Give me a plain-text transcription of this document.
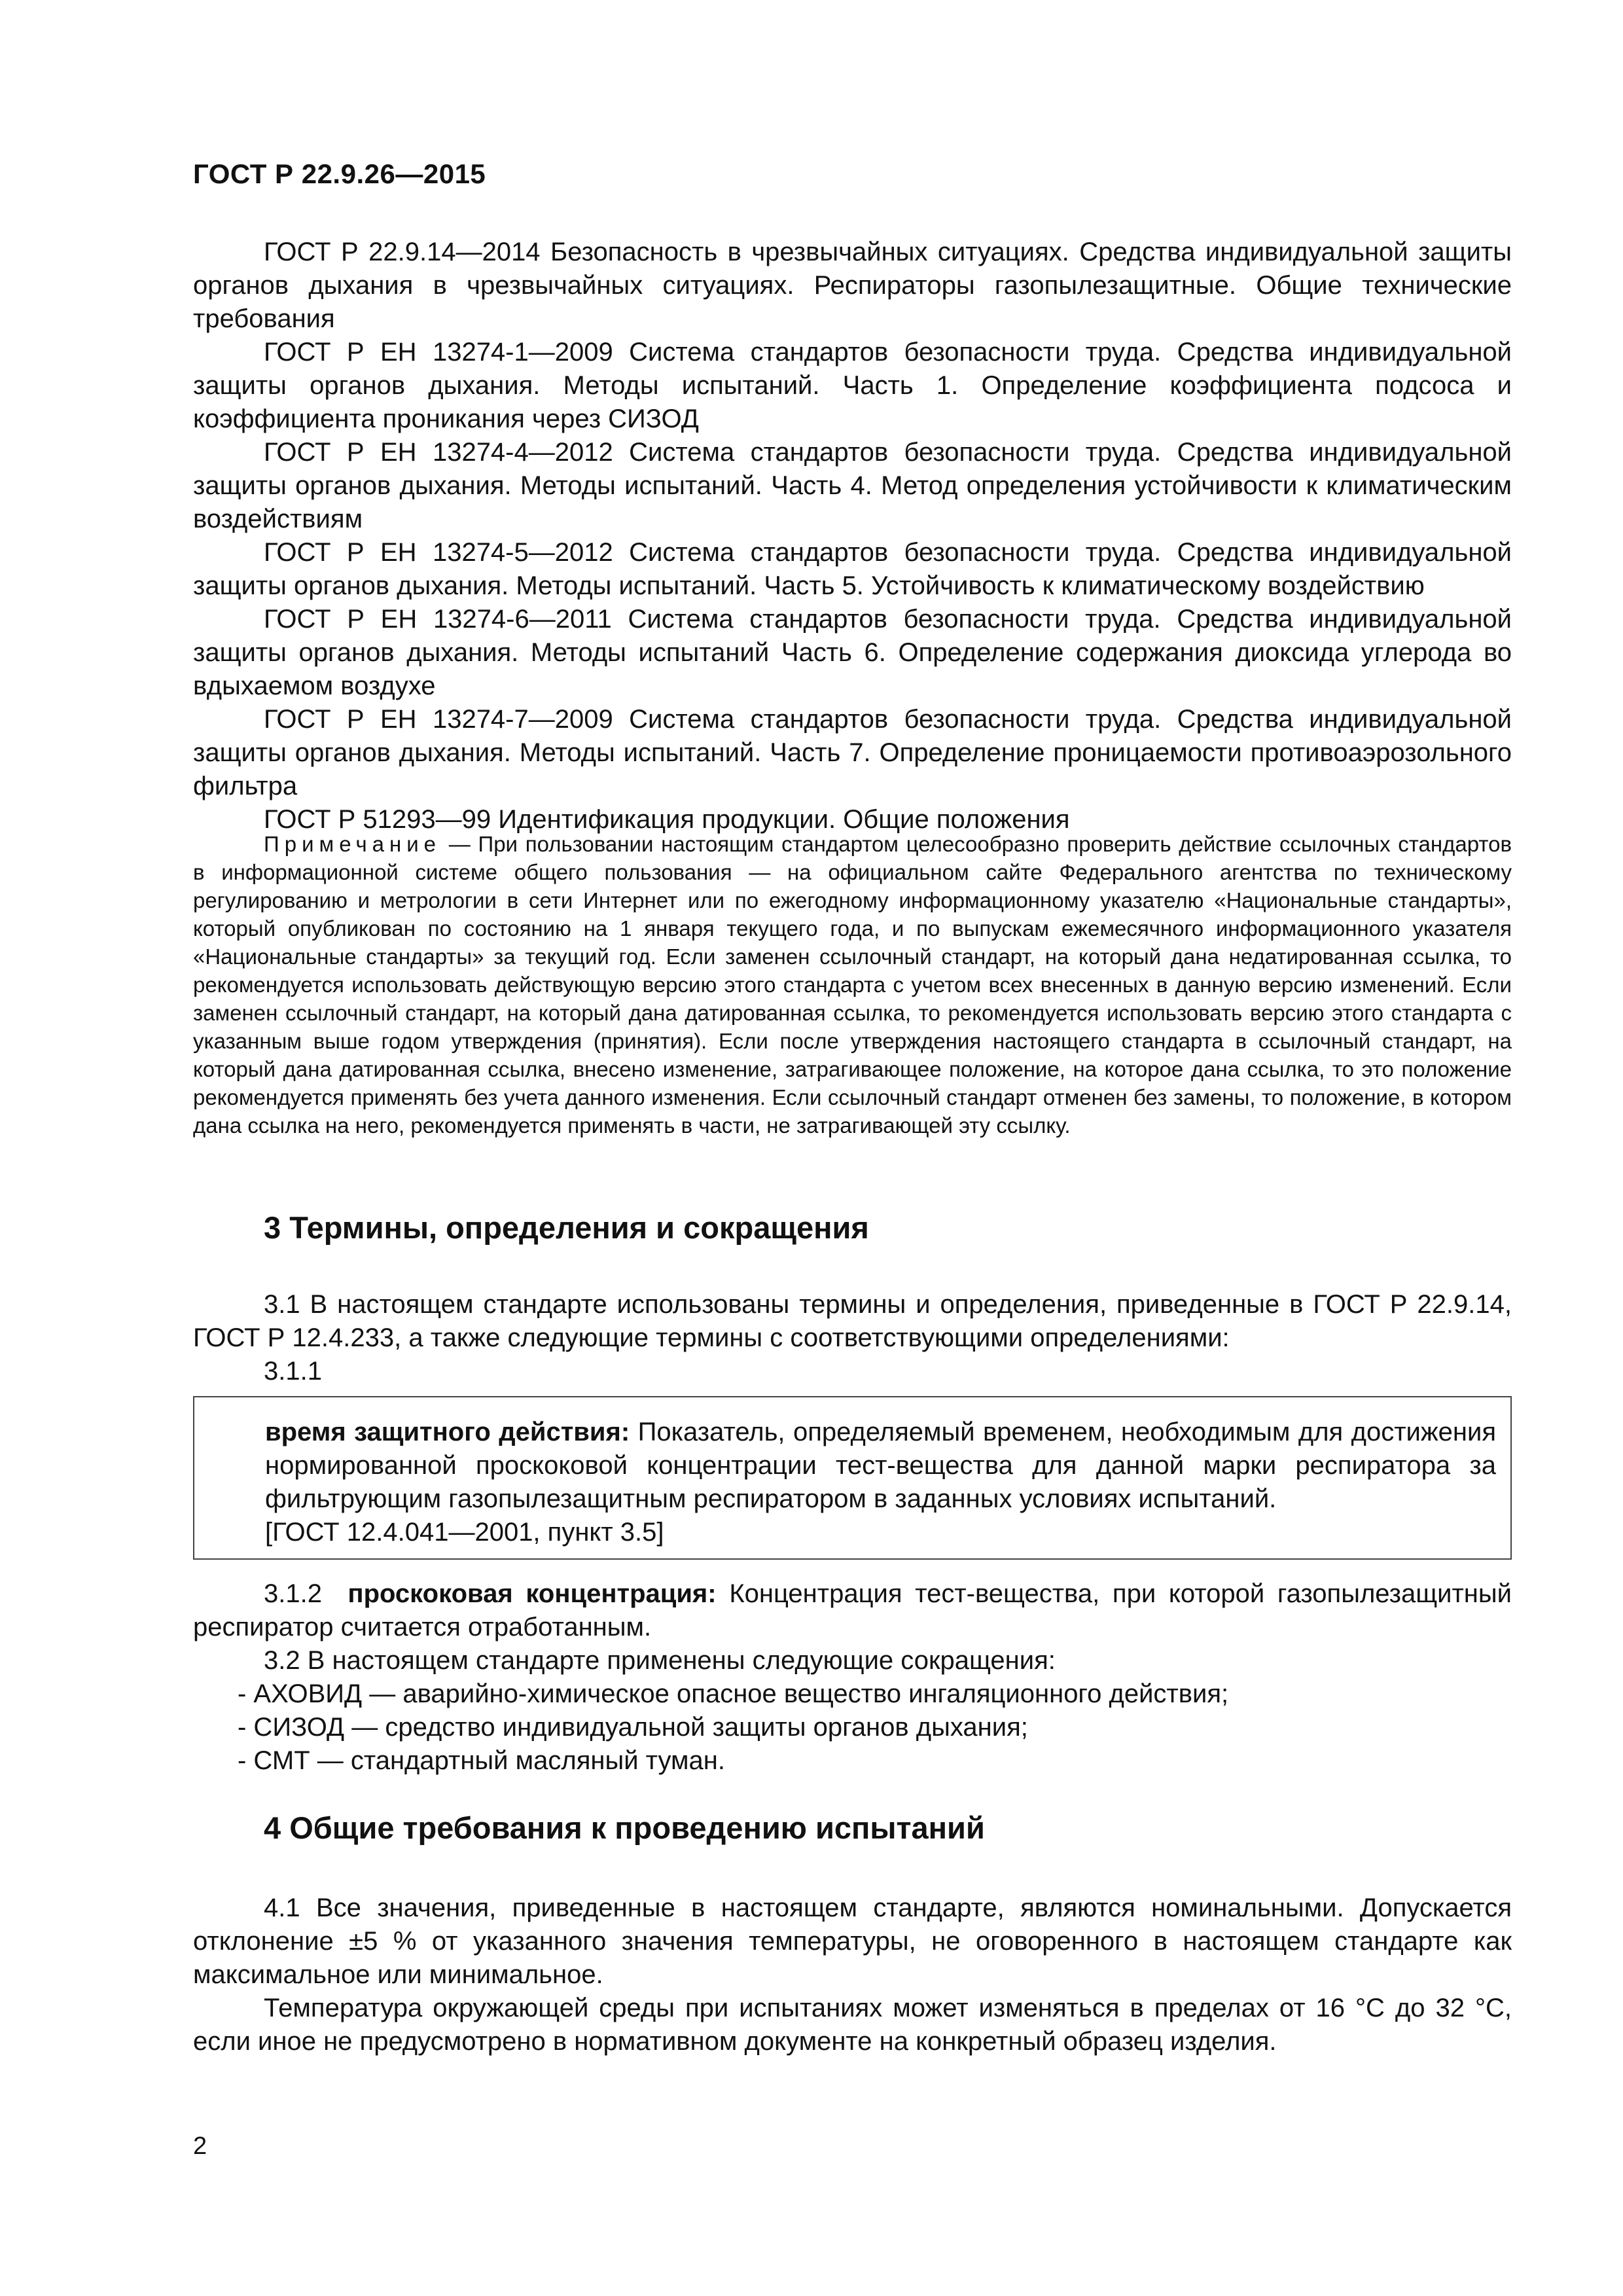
ГОСТ Р 22.9.26—2015

ГОСТ Р 22.9.14—2014 Безопасность в чрезвычайных ситуациях. Средства индивидуальной защиты органов дыхания в чрезвычайных ситуациях. Респираторы газопылезащитные. Общие технические требования

ГОСТ Р ЕН 13274-1—2009 Система стандартов безопасности труда. Средства индивидуальной защиты органов дыхания. Методы испытаний. Часть 1. Определение коэффициента подсоса и коэффициента проникания через СИЗОД

ГОСТ Р ЕН 13274-4—2012 Система стандартов безопасности труда. Средства индивидуальной защиты органов дыхания. Методы испытаний. Часть 4. Метод определения устойчивости к климатическим воздействиям

ГОСТ Р ЕН 13274-5—2012 Система стандартов безопасности труда. Средства индивидуальной защиты органов дыхания. Методы испытаний. Часть 5. Устойчивость к климатическому воздействию

ГОСТ Р ЕН 13274-6—2011 Система стандартов безопасности труда. Средства индивидуальной защиты органов дыхания. Методы испытаний Часть 6. Определение содержания диоксида углерода во вдыхаемом воздухе

ГОСТ Р ЕН 13274-7—2009 Система стандартов безопасности труда. Средства индивидуальной защиты органов дыхания. Методы испытаний. Часть 7. Определение проницаемости противоаэрозольного фильтра

ГОСТ Р 51293—99 Идентификация продукции. Общие положения

Примечание — При пользовании настоящим стандартом целесообразно проверить действие ссылочных стандартов в информационной системе общего пользования — на официальном сайте Федерального агентства по техническому регулированию и метрологии в сети Интернет или по ежегодному информационному указателю «Национальные стандарты», который опубликован по состоянию на 1 января текущего года, и по выпускам ежемесячного информационного указателя «Национальные стандарты» за текущий год. Если заменен ссылочный стандарт, на который дана недатированная ссылка, то рекомендуется использовать действующую версию этого стандарта с учетом всех внесенных в данную версию изменений. Если заменен ссылочный стандарт, на который дана датированная ссылка, то рекомендуется использовать версию этого стандарта с указанным выше годом утверждения (принятия). Если после утверждения настоящего стандарта в ссылочный стандарт, на который дана датированная ссылка, внесено изменение, затрагивающее положение, на которое дана ссылка, то это положение рекомендуется применять без учета данного изменения. Если ссылочный стандарт отменен без замены, то положение, в котором дана ссылка на него, рекомендуется применять в части, не затрагивающей эту ссылку.

3 Термины, определения и сокращения

3.1 В настоящем стандарте использованы термины и определения, приведенные в ГОСТ Р 22.9.14, ГОСТ Р 12.4.233, а также следующие термины с соответствующими определениями:

3.1.1

время защитного действия: Показатель, определяемый временем, необходимым для достижения нормированной проскоковой концентрации тест-вещества для данной марки респиратора за фильтрующим газопылезащитным респиратором в заданных условиях испытаний.

[ГОСТ 12.4.041—2001, пункт 3.5]

3.1.2 проскоковая концентрация: Концентрация тест-вещества, при которой газопылезащитный респиратор считается отработанным.

3.2 В настоящем стандарте применены следующие сокращения:

- АХОВИД — аварийно-химическое опасное вещество ингаляционного действия;
- СИЗОД — средство индивидуальной защиты органов дыхания;
- СМТ — стандартный масляный туман.
4 Общие требования к проведению испытаний

4.1 Все значения, приведенные в настоящем стандарте, являются номинальными. Допускается отклонение ±5 % от указанного значения температуры, не оговоренного в настоящем стандарте как максимальное или минимальное.

Температура окружающей среды при испытаниях может изменяться в пределах от 16 °С до 32 °С, если иное не предусмотрено в нормативном документе на конкретный образец изделия.

2
